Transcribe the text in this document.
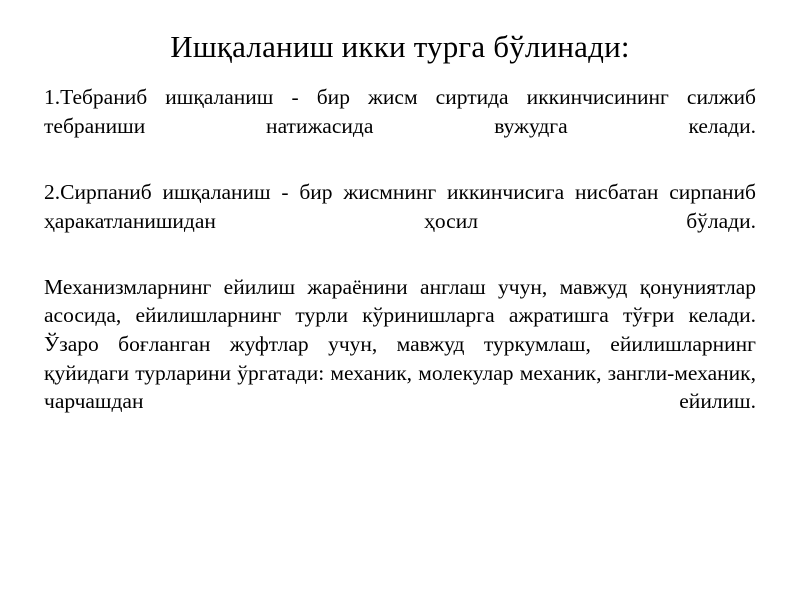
Ишқаланиш икки турга бўлинади:

1.Тебраниб ишқаланиш - бир жисм сиртида иккинчисининг силжиб тебраниши натижасида вужудга келади.

2.Сирпаниб ишқаланиш - бир жисмнинг иккинчисига нисбатан сирпаниб ҳаракатланишидан ҳосил бўлади.

Механизмларнинг ейилиш жараёнини англаш учун, мавжуд қонуниятлар асосида, ейилишларнинг турли кўринишларга ажратишга тўғри келади. Ўзаро боғланган жуфтлар учун, мавжуд туркумлаш, ейилишларнинг қуйидаги турларини ўргатади: механик, молекулар механик, зангли-механик, чарчашдан ейилиш.
